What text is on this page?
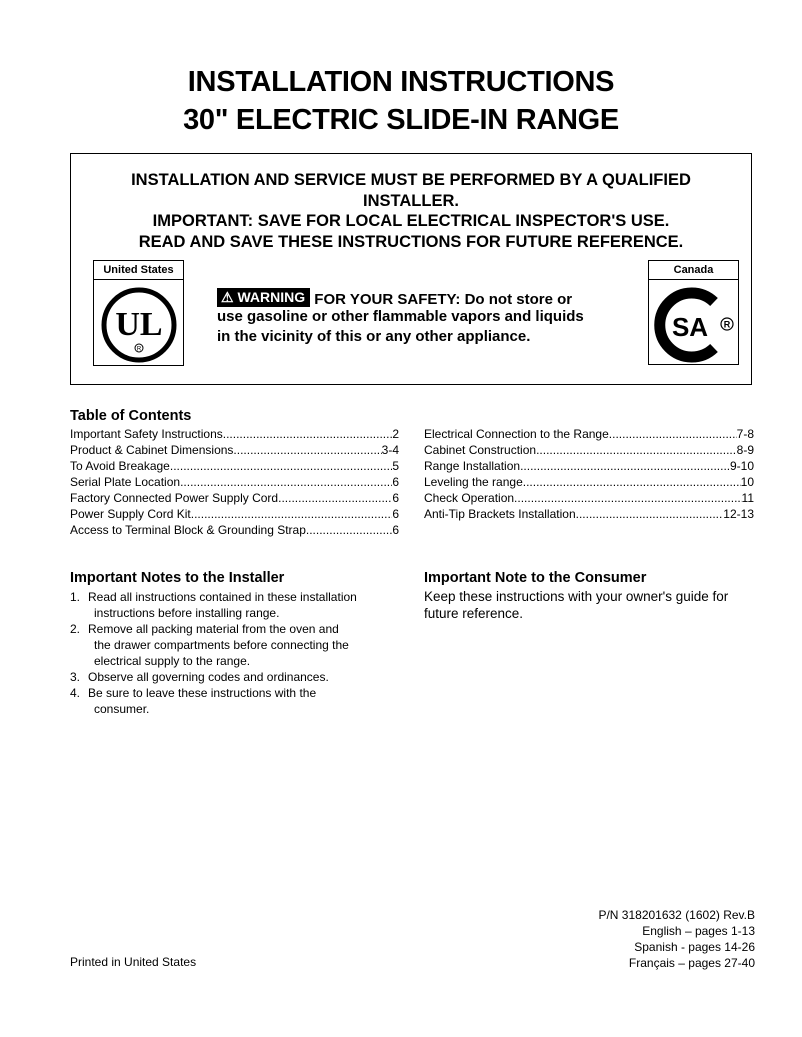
INSTALLATION INSTRUCTIONS
30" ELECTRIC SLIDE-IN RANGE
INSTALLATION AND SERVICE MUST BE PERFORMED BY A QUALIFIED
INSTALLER.
IMPORTANT: SAVE FOR LOCAL ELECTRICAL INSPECTOR'S USE.
READ AND SAVE THESE INSTRUCTIONS FOR FUTURE REFERENCE.
United States
UL
R
Canada
SA R
⚠ WARNING FOR YOUR SAFETY: Do not store or
use gasoline or other flammable vapors and liquids
in the vicinity of this or any other appliance.
Table of Contents
Important Safety Instructions .....	2
Product & Cabinet Dimensions .....	3-4
To Avoid Breakage .....	5
Serial Plate Location .....	6
Factory Connected Power Supply Cord .....	6
Power Supply Cord Kit .....	6
Access to Terminal Block & Grounding Strap .....	6
Electrical Connection to the Range .....	7-8
Cabinet Construction .....	8-9
Range Installation .....	9-10
Leveling the range .....	10
Check Operation .....	11
Anti-Tip Brackets Installation .....	12-13
Important Notes to the Installer
1. Read all instructions contained in these installation
instructions before installing range.
2. Remove all packing material from the oven and
the drawer compartments before connecting the
electrical supply to the range.
3. Observe all governing codes and ordinances.
4. Be sure to leave these instructions with the
consumer.
Important Note to the Consumer
Keep these instructions with your owner's guide for future reference.
Printed in United States
P/N 318201632 (1602) Rev.B
English – pages 1-13
Spanish - pages 14-26
Français – pages 27-40
